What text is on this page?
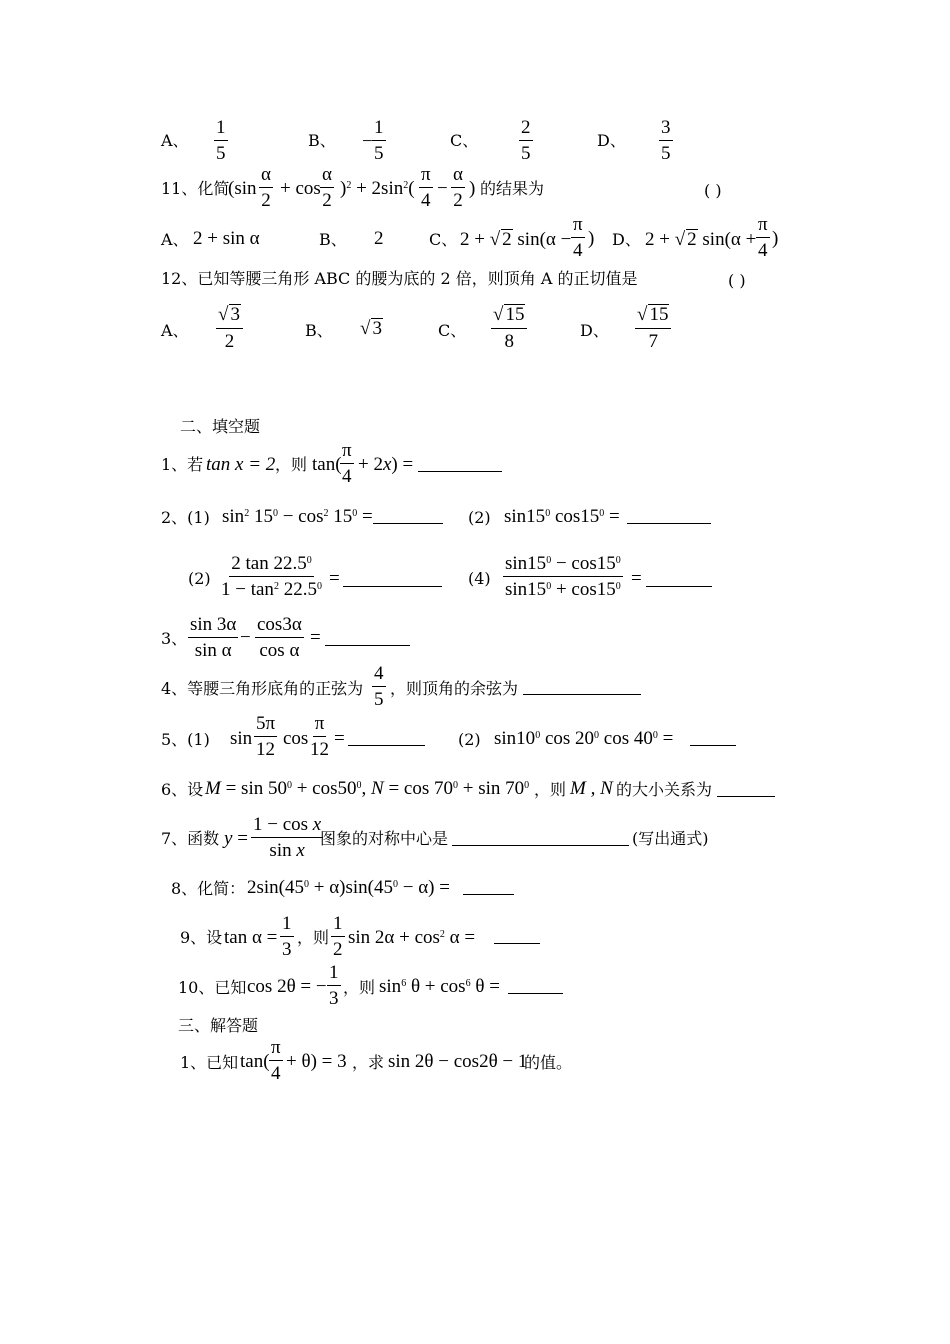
A、
1
5
B、 −
1
5
C、
2
5
D、
3
5
11、化简
(sin
α
2
+ cos
α
2
)$^2 + 2\sin^2$(
π
4
−
α
2
) 的结果为	( )
A、 2 + sin α	B、 2	C、 2 + √ 2 sin(α −
π
4
) D、 2 + √ 2 sin(α +
π
4
)
12、已知等腰三角形 ABC 的腰为底的 2 倍，则顶角 A 的正切值是	( )
A、
√ 3
2
B、 √ 3	C、
√ 15
8
D、
√ 15
7
二、填空题
1、若 tan x = 2 ，则 tan(
π
4
+ 2x) =
2、(1) $\sin^2 15^0 - \cos^2 15^0$ =	(2) $\sin 15^0$ $\cos 15^0$ =
(2)
2 tan 22.5$^0$
$1 - \tan^2 22.5^0$ =	(4)
$\sin 15^0 - \cos 15^0$
$\sin 15^0 + \cos 15^0$ =
3、
sin 3α
sin α
−
cos3α
cos α
=
4、等腰三角形底角的正弦为
4
5
，则顶角的余弦为
5、(1) sin
5π
12
cos
π
12
=	(2) $\sin 10^0$ $\cos 20^0$ $\cos 40^0$ =
6、设 $M = \sin 50^0 + \cos 50^0$, $N = \cos 70^0 + \sin 70^0$ ，则 M , N 的大小关系为
7、函数 y =
1 − cos x
sin x
图象的对称中心是	(写出通式)
8、化简： $2\sin(45^0 + \alpha)\sin(45^0 - \alpha)$ =
9、设 tan α =
1
3
，则
1
2
$\sin 2\alpha + \cos^2 \alpha$ =
10、已知 cos 2θ = −
1
3
，则 $\sin^6 \theta + \cos^6 \theta$ =
三、解答题
1、已知 tan(
π
4
+ θ) = 3 ，求 sin 2θ − cos2θ − 1
的值。
